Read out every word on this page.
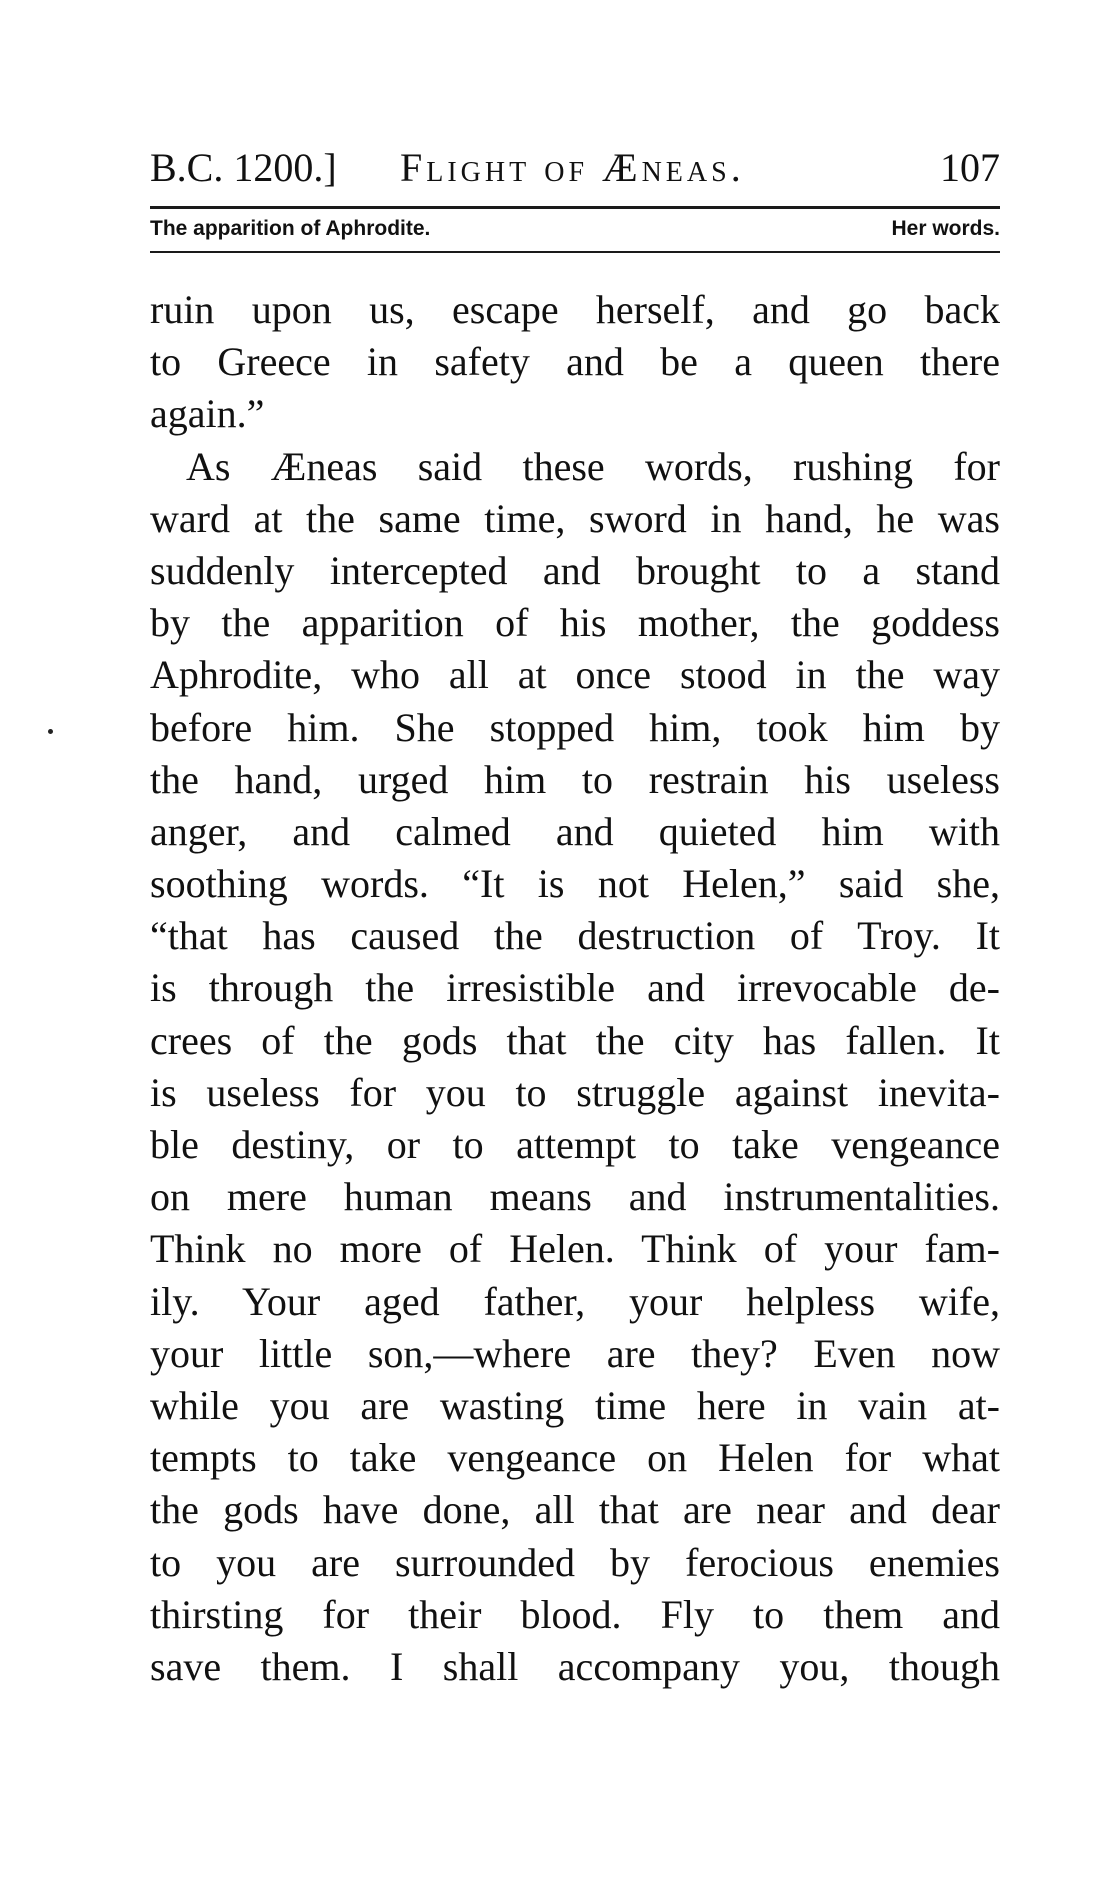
B.C. 1200.] Flight of Æneas.	107
The apparition of Aphrodite.	Her words.
ruin upon us, escape herself, and go back
to Greece in safety and be a queen there
again.”
As Æneas said these words, rushing for
ward at the same time, sword in hand, he was
suddenly intercepted and brought to a stand
by the apparition of his mother, the goddess
Aphrodite, who all at once stood in the way
before him. She stopped him, took him by
the hand, urged him to restrain his useless
anger, and calmed and quieted him with
soothing words. “It is not Helen,” said she,
“that has caused the destruction of Troy. It
is through the irresistible and irrevocable de-
crees of the gods that the city has fallen. It
is useless for you to struggle against inevita-
ble destiny, or to attempt to take vengeance
on mere human means and instrumentalities.
Think no more of Helen. Think of your fam-
ily. Your aged father, your helpless wife,
your little son,—where are they? Even now
while you are wasting time here in vain at-
tempts to take vengeance on Helen for what
the gods have done, all that are near and dear
to you are surrounded by ferocious enemies
thirsting for their blood. Fly to them and
save them. I shall accompany you, though
